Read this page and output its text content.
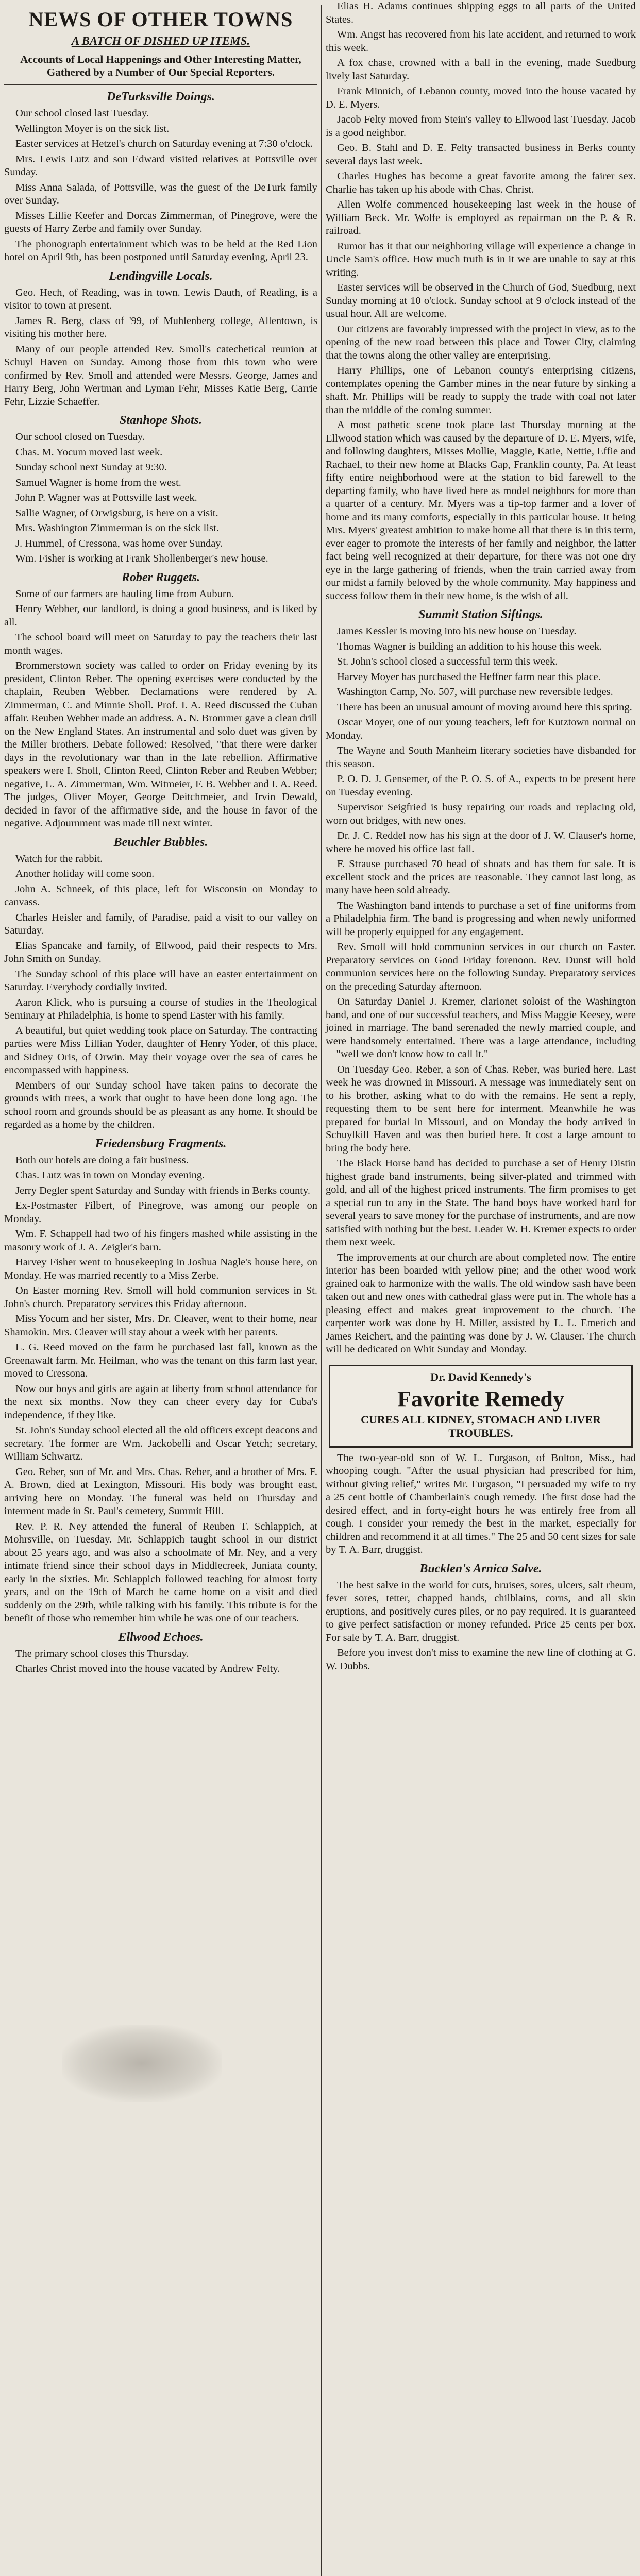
NEWS OF OTHER TOWNS
A BATCH OF DISHED UP ITEMS.
Accounts of Local Happenings and Other Interesting Matter, Gathered by a Number of Our Special Reporters.
DeTurksville Doings.

Our school closed last Tuesday.

Wellington Moyer is on the sick list.

Easter services at Hetzel's church on Saturday evening at 7:30 o'clock.

Mrs. Lewis Lutz and son Edward visited relatives at Pottsville over Sunday.

Miss Anna Salada, of Pottsville, was the guest of the DeTurk family over Sunday.

Misses Lillie Keefer and Dorcas Zimmerman, of Pinegrove, were the guests of Harry Zerbe and family over Sunday.

The phonograph entertainment which was to be held at the Red Lion hotel on April 9th, has been postponed until Saturday evening, April 23.

Lendingville Locals.

Geo. Hech, of Reading, was in town. Lewis Dauth, of Reading, is a visitor to town at present.

James R. Berg, class of '99, of Muhlenberg college, Allentown, is visiting his mother here.

Many of our people attended Rev. Smoll's catechetical reunion at Schuyl Haven on Sunday. Among those from this town who were confirmed by Rev. Smoll and attended were Messrs. George, James and Harry Berg, John Wertman and Lyman Fehr, Misses Katie Berg, Carrie Fehr, Lizzie Schaeffer.

Stanhope Shots.

Our school closed on Tuesday.

Chas. M. Yocum moved last week.

Sunday school next Sunday at 9:30.

Samuel Wagner is home from the west.

John P. Wagner was at Pottsville last week.

Sallie Wagner, of Orwigsburg, is here on a visit.

Mrs. Washington Zimmerman is on the sick list.

J. Hummel, of Cressona, was home over Sunday.

Wm. Fisher is working at Frank Shollenberger's new house.

Rober Ruggets.

Some of our farmers are hauling lime from Auburn.

Henry Webber, our landlord, is doing a good business, and is liked by all.

The school board will meet on Saturday to pay the teachers their last month wages.

Brommerstown society was called to order on Friday evening by its president, Clinton Reber. The opening exercises were conducted by the chaplain, Reuben Webber. Declamations were rendered by A. Zimmerman, C. and Minnie Sholl. Prof. I. A. Reed discussed the Cuban affair. Reuben Webber made an address. A. N. Brommer gave a clean drill on the New England States. An instrumental and solo duet was given by the Miller brothers. Debate followed: Resolved, "that there were darker days in the revolutionary war than in the late rebellion. Affirmative speakers were I. Sholl, Clinton Reed, Clinton Reber and Reuben Webber; negative, L. A. Zimmerman, Wm. Witmeier, F. B. Webber and I. A. Reed. The judges, Oliver Moyer, George Deitchmeier, and Irvin Dewald, decided in favor of the affirmative side, and the house in favor of the negative. Adjournment was made till next winter.

Beuchler Bubbles.

Watch for the rabbit.

Another holiday will come soon.

John A. Schneek, of this place, left for Wisconsin on Monday to canvass.

Charles Heisler and family, of Paradise, paid a visit to our valley on Saturday.

Elias Spancake and family, of Ellwood, paid their respects to Mrs. John Smith on Sunday.

The Sunday school of this place will have an easter entertainment on Saturday. Everybody cordially invited.

Aaron Klick, who is pursuing a course of studies in the Theological Seminary at Philadelphia, is home to spend Easter with his family.

A beautiful, but quiet wedding took place on Saturday. The contracting parties were Miss Lillian Yoder, daughter of Henry Yoder, of this place, and Sidney Oris, of Orwin. May their voyage over the sea of cares be encompassed with happiness.

Members of our Sunday school have taken pains to decorate the grounds with trees, a work that ought to have been done long ago. The school room and grounds should be as pleasant as any home. It should be regarded as a home by the children.

Friedensburg Fragments.

Both our hotels are doing a fair business.

Chas. Lutz was in town on Monday evening.

Jerry Degler spent Saturday and Sunday with friends in Berks county.

Ex-Postmaster Filbert, of Pinegrove, was among our people on Monday.

Wm. F. Schappell had two of his fingers mashed while assisting in the masonry work of J. A. Zeigler's barn.

Harvey Fisher went to housekeeping in Joshua Nagle's house here, on Monday. He was married recently to a Miss Zerbe.

On Easter morning Rev. Smoll will hold communion services in St. John's church. Preparatory services this Friday afternoon.

Miss Yocum and her sister, Mrs. Dr. Cleaver, went to their home, near Shamokin. Mrs. Cleaver will stay about a week with her parents.

L. G. Reed moved on the farm he purchased last fall, known as the Greenawalt farm. Mr. Heilman, who was the tenant on this farm last year, moved to Cressona.

Now our boys and girls are again at liberty from school attendance for the next six months. Now they can cheer every day for Cuba's independence, if they like.

St. John's Sunday school elected all the old officers except deacons and secretary. The former are Wm. Jackobelli and Oscar Yetch; secretary, William Schwartz.

Geo. Reber, son of Mr. and Mrs. Chas. Reber, and a brother of Mrs. F. A. Brown, died at Lexington, Missouri. His body was brought east, arriving here on Monday. The funeral was held on Thursday and interment made in St. Paul's cemetery, Summit Hill.

Rev. P. R. Ney attended the funeral of Reuben T. Schlappich, at Mohrsville, on Tuesday. Mr. Schlappich taught school in our district about 25 years ago, and was also a schoolmate of Mr. Ney, and a very intimate friend since their school days in Middlecreek, Juniata county, early in the sixties. Mr. Schlappich followed teaching for almost forty years, and on the 19th of March he came home on a visit and died suddenly on the 29th, while talking with his family. This tribute is for the benefit of those who remember him while he was one of our teachers.

Ellwood Echoes.

The primary school closes this Thursday.

Charles Christ moved into the house vacated by Andrew Felty.

Elias H. Adams continues shipping eggs to all parts of the United States.

Wm. Angst has recovered from his late accident, and returned to work this week.

A fox chase, crowned with a ball in the evening, made Suedburg lively last Saturday.

Frank Minnich, of Lebanon county, moved into the house vacated by D. E. Myers.

Jacob Felty moved from Stein's valley to Ellwood last Tuesday. Jacob is a good neighbor.

Geo. B. Stahl and D. E. Felty transacted business in Berks county several days last week.

Charles Hughes has become a great favorite among the fairer sex. Charlie has taken up his abode with Chas. Christ.

Allen Wolfe commenced housekeeping last week in the house of William Beck. Mr. Wolfe is employed as repairman on the P. & R. railroad.

Rumor has it that our neighboring village will experience a change in Uncle Sam's office. How much truth is in it we are unable to say at this writing.

Easter services will be observed in the Church of God, Suedburg, next Sunday morning at 10 o'clock. Sunday school at 9 o'clock instead of the usual hour. All are welcome.

Our citizens are favorably impressed with the project in view, as to the opening of the new road between this place and Tower City, claiming that the towns along the other valley are enterprising.

Harry Phillips, one of Lebanon county's enterprising citizens, contemplates opening the Gamber mines in the near future by sinking a shaft. Mr. Phillips will be ready to supply the trade with coal not later than the middle of the coming summer.

A most pathetic scene took place last Thursday morning at the Ellwood station which was caused by the departure of D. E. Myers, wife, and following daughters, Misses Mollie, Maggie, Katie, Nettie, Effie and Rachael, to their new home at Blacks Gap, Franklin county, Pa. At least fifty entire neighborhood were at the station to bid farewell to the departing family, who have lived here as model neighbors for more than a quarter of a century. Mr. Myers was a tip-top farmer and a lover of home and its many comforts, especially in this particular house. It being Mrs. Myers' greatest ambition to make home all that there is in this term, ever eager to promote the interests of her family and neighbor, the latter fact being well recognized at their departure, for there was not one dry eye in the large gathering of friends, when the train carried away from our midst a family beloved by the whole community. May happiness and success follow them in their new home, is the wish of all.

Summit Station Siftings.

James Kessler is moving into his new house on Tuesday.

Thomas Wagner is building an addition to his house this week.

St. John's school closed a successful term this week.

Harvey Moyer has purchased the Heffner farm near this place.

Washington Camp, No. 507, will purchase new reversible ledges.

There has been an unusual amount of moving around here this spring.

Oscar Moyer, one of our young teachers, left for Kutztown normal on Monday.

The Wayne and South Manheim literary societies have disbanded for this season.

P. O. D. J. Gensemer, of the P. O. S. of A., expects to be present here on Tuesday evening.

Supervisor Seigfried is busy repairing our roads and replacing old, worn out bridges, with new ones.

Dr. J. C. Reddel now has his sign at the door of J. W. Clauser's home, where he moved his office last fall.

F. Strause purchased 70 head of shoats and has them for sale. It is excellent stock and the prices are reasonable. They cannot last long, as many have been sold already.

The Washington band intends to purchase a set of fine uniforms from a Philadelphia firm. The band is progressing and when newly uniformed will be properly equipped for any engagement.

Rev. Smoll will hold communion services in our church on Easter. Preparatory services on Good Friday forenoon. Rev. Dunst will hold communion services here on the following Sunday. Preparatory services on the preceding Saturday afternoon.

On Saturday Daniel J. Kremer, clarionet soloist of the Washington band, and one of our successful teachers, and Miss Maggie Keesey, were joined in marriage. The band serenaded the newly married couple, and were handsomely entertained. There was a large attendance, including—"well we don't know how to call it."

On Tuesday Geo. Reber, a son of Chas. Reber, was buried here. Last week he was drowned in Missouri. A message was immediately sent on to his brother, asking what to do with the remains. He sent a reply, requesting them to be sent here for interment. Meanwhile he was prepared for burial in Missouri, and on Monday the body arrived in Schuylkill Haven and was then buried here. It cost a large amount to bring the body here.

The Black Horse band has decided to purchase a set of Henry Distin highest grade band instruments, being silver-plated and trimmed with gold, and all of the highest priced instruments. The firm promises to get a special run to any in the State. The band boys have worked hard for several years to save money for the purchase of instruments, and are now satisfied with nothing but the best. Leader W. H. Kremer expects to order them next week.

The improvements at our church are about completed now. The entire interior has been boarded with yellow pine; and the other wood work grained oak to harmonize with the walls. The old window sash have been taken out and new ones with cathedral glass were put in. The whole has a pleasing effect and makes great improvement to the church. The carpenter work was done by H. Miller, assisted by L. L. Emerich and James Reichert, and the painting was done by J. W. Clauser. The church will be dedicated on Whit Sunday and Monday.

Dr. David Kennedy's
Favorite Remedy
CURES ALL KIDNEY, STOMACH AND LIVER TROUBLES.

The two-year-old son of W. L. Furgason, of Bolton, Miss., had whooping cough. "After the usual physician had prescribed for him, without giving relief," writes Mr. Furgason, "I persuaded my wife to try a 25 cent bottle of Chamberlain's cough remedy. The first dose had the desired effect, and in forty-eight hours he was entirely free from all cough. I consider your remedy the best in the market, especially for children and recommend it at all times." The 25 and 50 cent sizes for sale by T. A. Barr, druggist.

Bucklen's Arnica Salve.

The best salve in the world for cuts, bruises, sores, ulcers, salt rheum, fever sores, tetter, chapped hands, chilblains, corns, and all skin eruptions, and positively cures piles, or no pay required. It is guaranteed to give perfect satisfaction or money refunded. Price 25 cents per box. For sale by T. A. Barr, druggist.

Before you invest don't miss to examine the new line of clothing at G. W. Dubbs.
